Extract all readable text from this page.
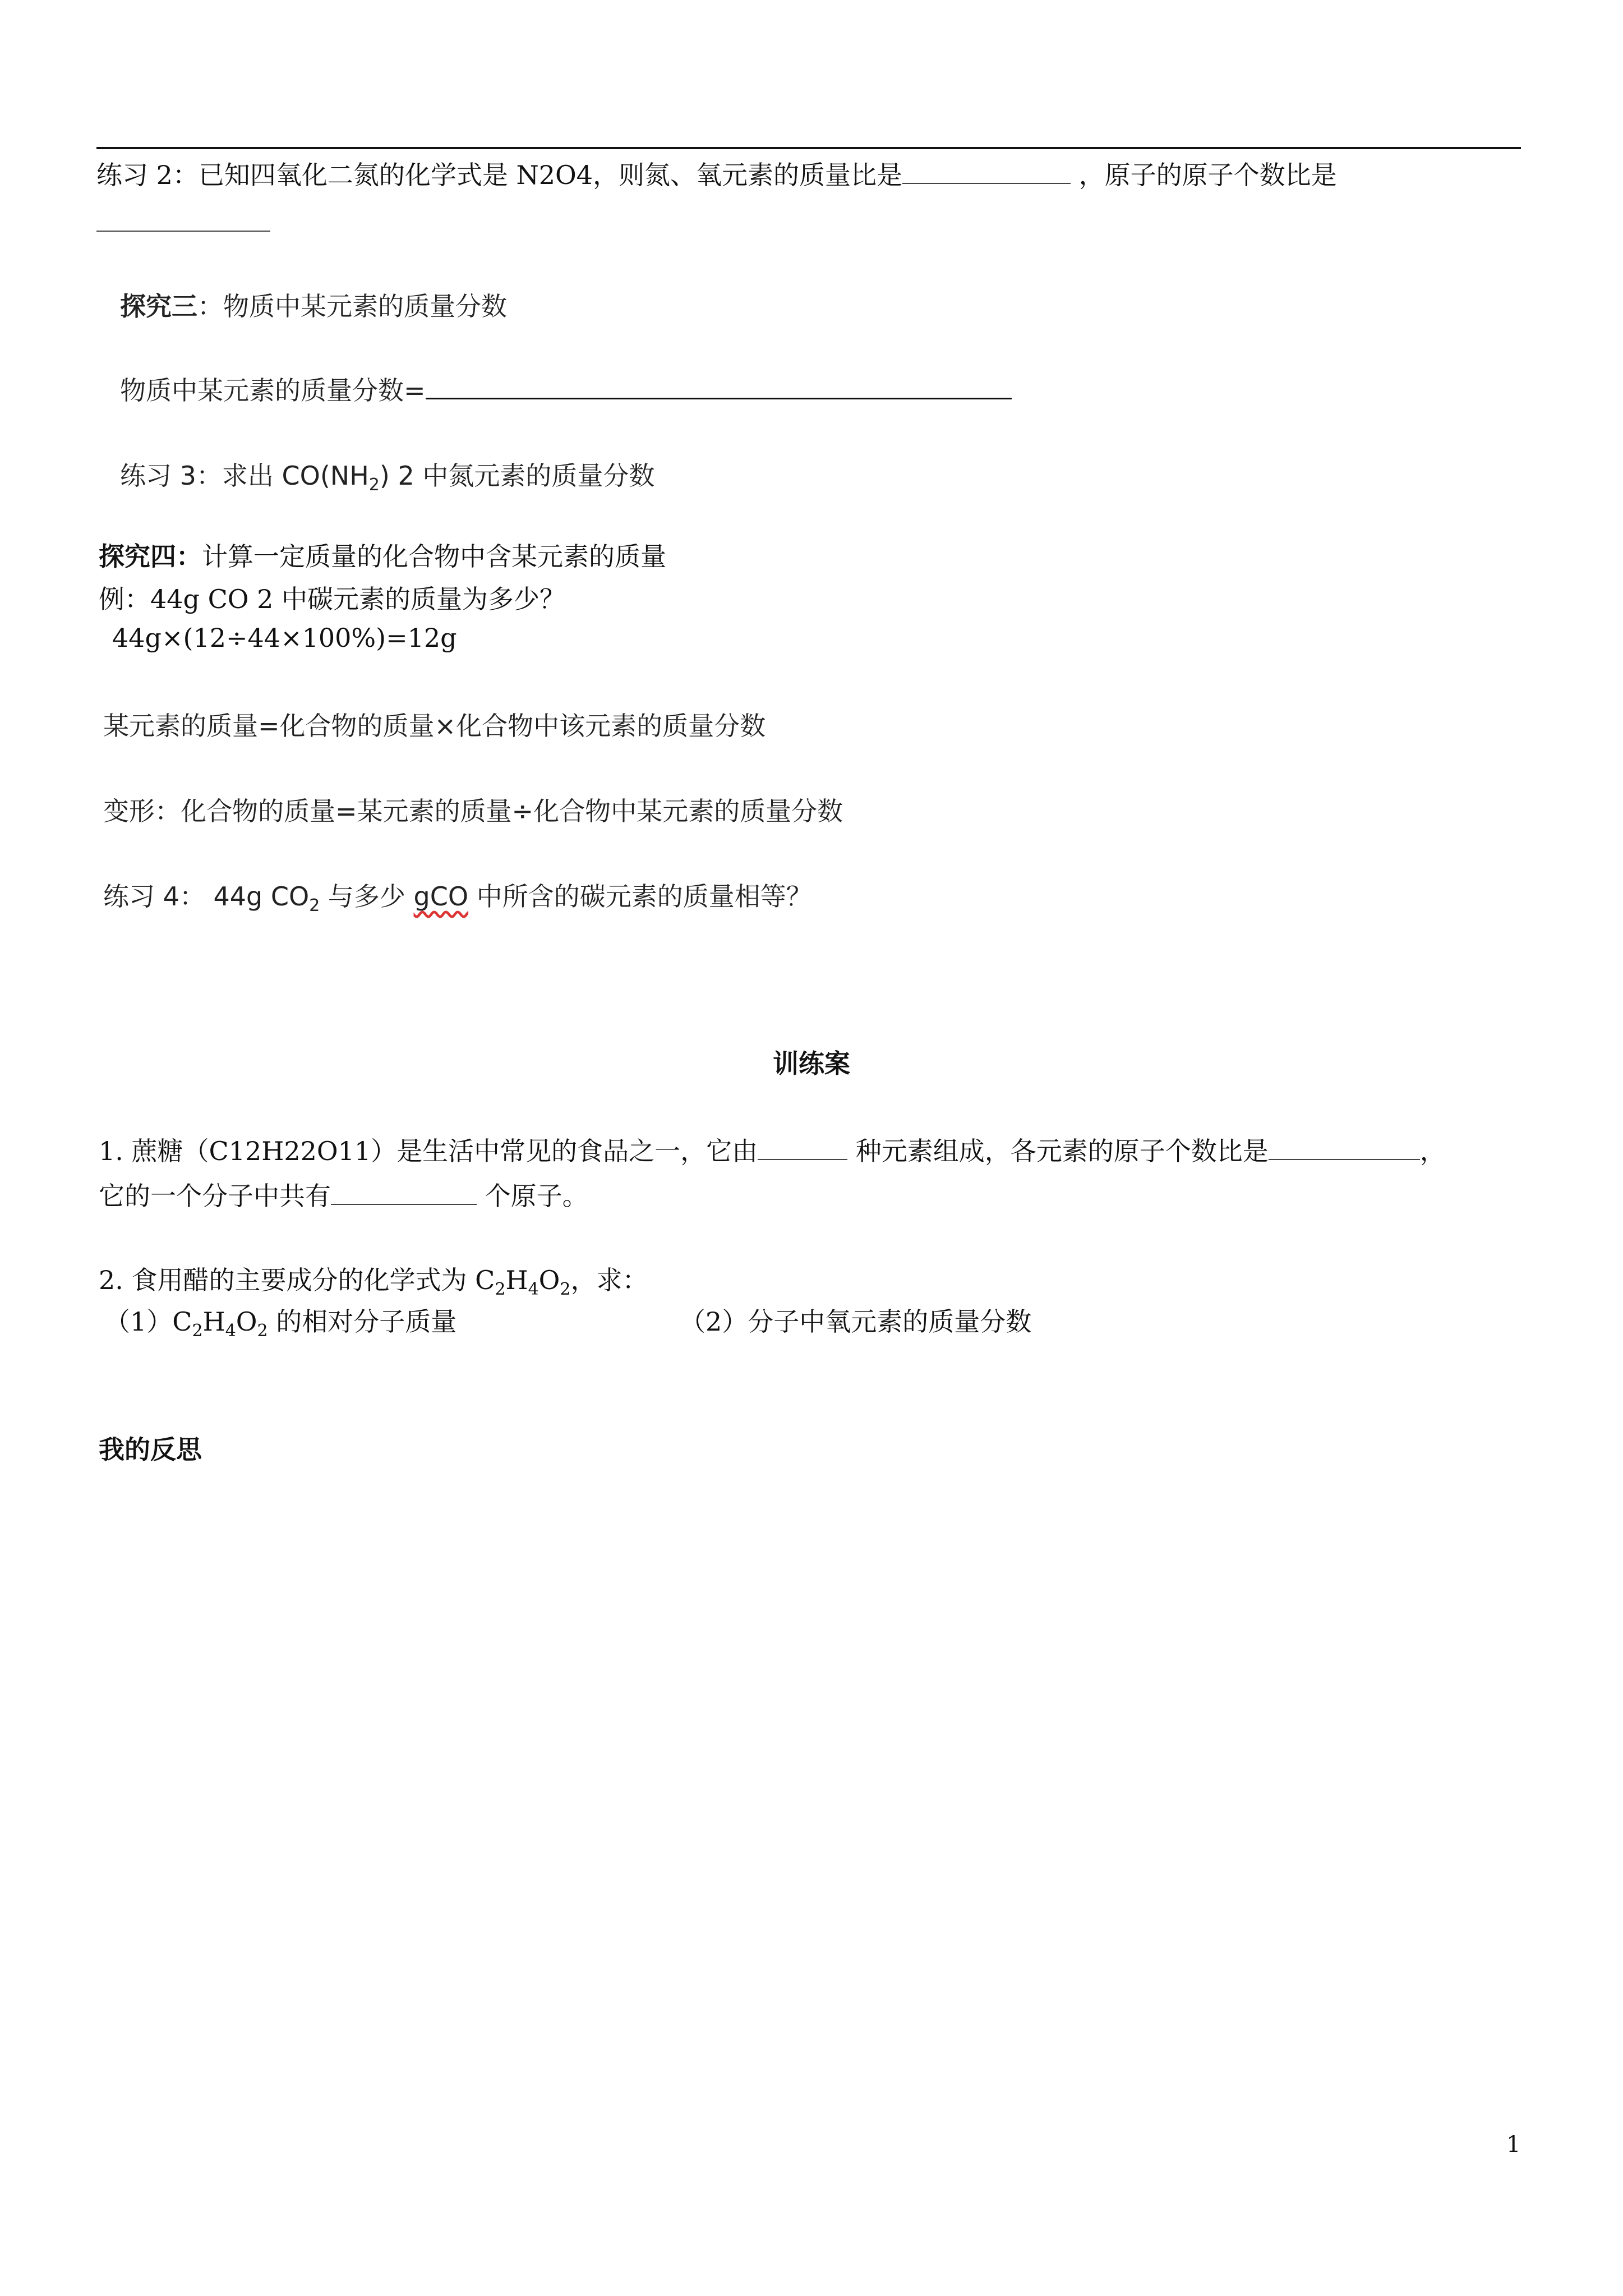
练习 2：已知四氧化二氮的化学式是 N2O4，则氮、氧元素的质量比是	，原子的原子个数比是
探究三：物质中某元素的质量分数
物质中某元素的质量分数=
练习 3：求出 $CO(NH_2)$ 2 中氮元素的质量分数
探究四：计算一定质量的化合物中含某元素的质量
例：44g CO 2 中碳元素的质量为多少？
44g×(12÷44×100%)=12g
某元素的质量=化合物的质量×化合物中该元素的质量分数
变形：化合物的质量=某元素的质量÷化合物中某元素的质量分数
练习 4： 44g $CO_2$ 与多少 gCO 中所含的碳元素的质量相等？
训练案
1. 蔗糖（C12H22O11）是生活中常见的食品之一，它由	种元素组成，各元素的原子个数比是	，
它的一个分子中共有	个原子。
2. 食用醋的主要成分的化学式为 $C_2H_4O_2$，求：
$(1)C_2H_4O_2$ 的相对分子质量	（2）分子中氧元素的质量分数
我的反思
1
